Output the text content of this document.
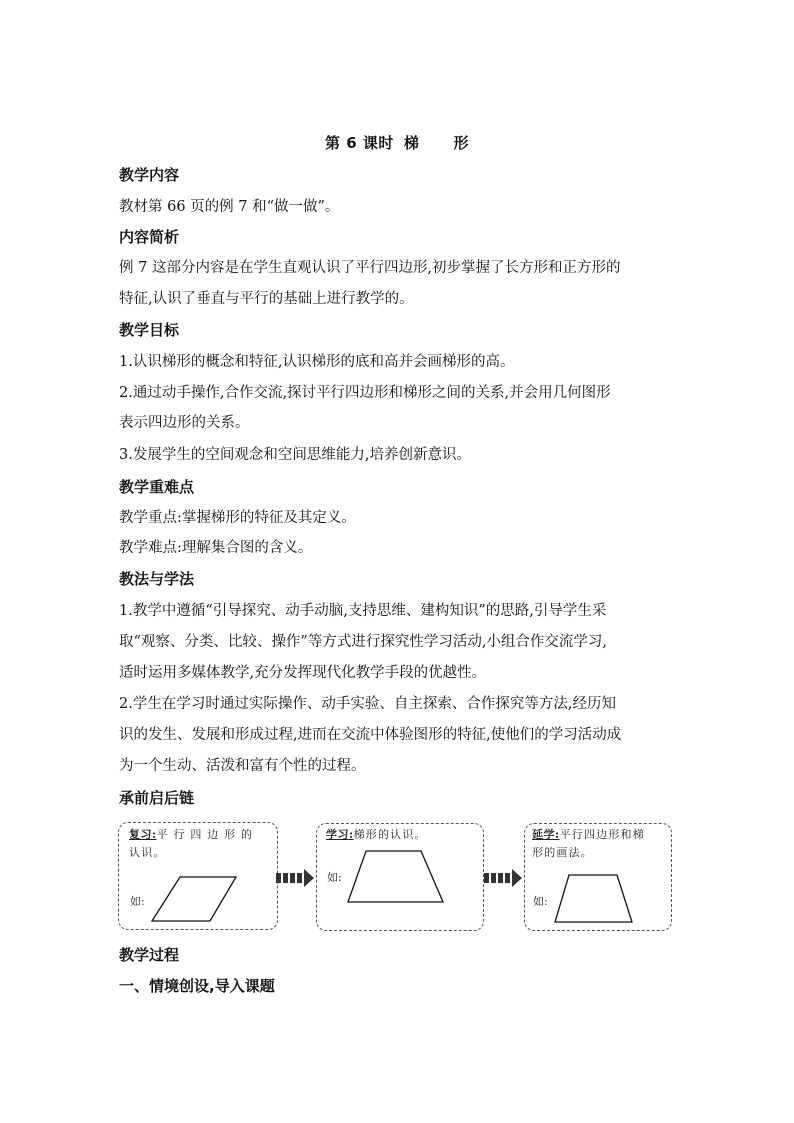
第 6 课时 梯 形
教学内容
教材第 66 页的例 7 和“做一做”。
内容简析
例 7 这部分内容是在学生直观认识了平行四边形,初步掌握了长方形和正方形的
特征,认识了垂直与平行的基础上进行教学的。
教学目标
1.认识梯形的概念和特征,认识梯形的底和高并会画梯形的高。
2.通过动手操作,合作交流,探讨平行四边形和梯形之间的关系,并会用几何图形
表示四边形的关系。
3.发展学生的空间观念和空间思维能力,培养创新意识。
教学重难点
教学重点:掌握梯形的特征及其定义。
教学难点:理解集合图的含义。
教法与学法
1.教学中遵循“引导探究、动手动脑,支持思维、建构知识”的思路,引导学生采
取“观察、分类、比较、操作”等方式进行探究性学习活动,小组合作交流学习,
适时运用多媒体教学,充分发挥现代化教学手段的优越性。
2.学生在学习时通过实际操作、动手实验、自主探索、合作探究等方法,经历知
识的发生、发展和形成过程,进而在交流中体验图形的特征,使他们的学习活动成
为一个生动、活泼和富有个性的过程。
承前启后链
复习:平 行 四 边 形 的
认识。
如:
学习:梯形的认识。
如:
延学:平行四边形和梯
形的画法。
如:
教学过程
一、情境创设,导入课题
